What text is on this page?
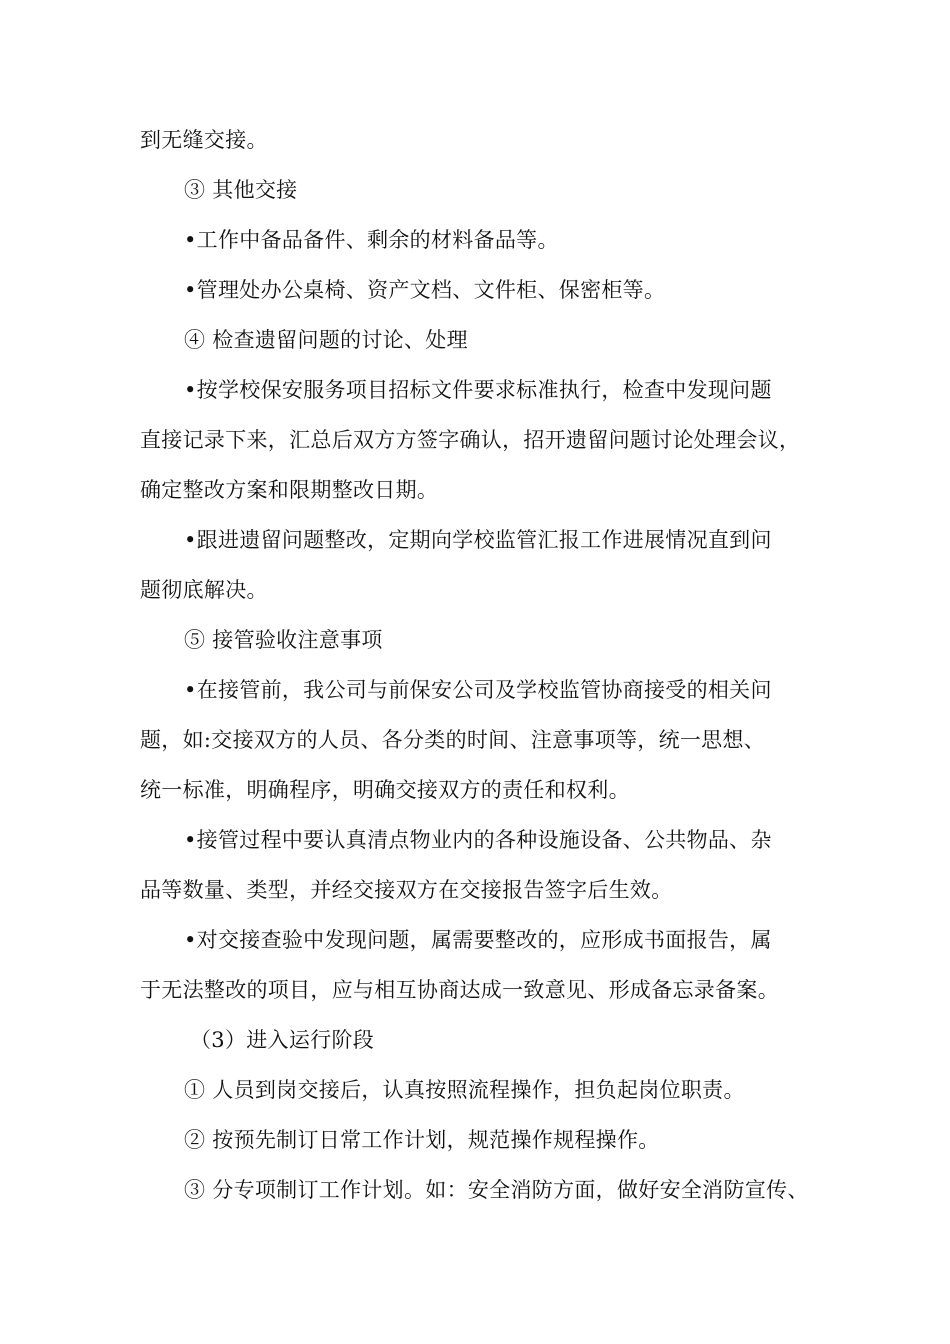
到无缝交接。
③ 其他交接
•工作中备品备件、剩余的材料备品等。
•管理处办公桌椅、资产文档、文件柜、保密柜等。
④ 检查遗留问题的讨论、处理
•按学校保安服务项目招标文件要求标准执行，检查中发现问题
直接记录下来，汇总后双方方签字确认，招开遗留问题讨论处理会议，
确定整改方案和限期整改日期。
•跟进遗留问题整改，定期向学校监管汇报工作进展情况直到问
题彻底解决。
⑤ 接管验收注意事项
•在接管前，我公司与前保安公司及学校监管协商接受的相关问
题，如:交接双方的人员、各分类的时间、注意事项等，统一思想、
统一标准，明确程序，明确交接双方的责任和权利。
•接管过程中要认真清点物业内的各种设施设备、公共物品、杂
品等数量、类型，并经交接双方在交接报告签字后生效。
•对交接查验中发现问题，属需要整改的，应形成书面报告，属
于无法整改的项目，应与相互协商达成一致意见、形成备忘录备案。
（3）进入运行阶段
① 人员到岗交接后，认真按照流程操作，担负起岗位职责。
② 按预先制订日常工作计划，规范操作规程操作。
③ 分专项制订工作计划。如：安全消防方面，做好安全消防宣传、
